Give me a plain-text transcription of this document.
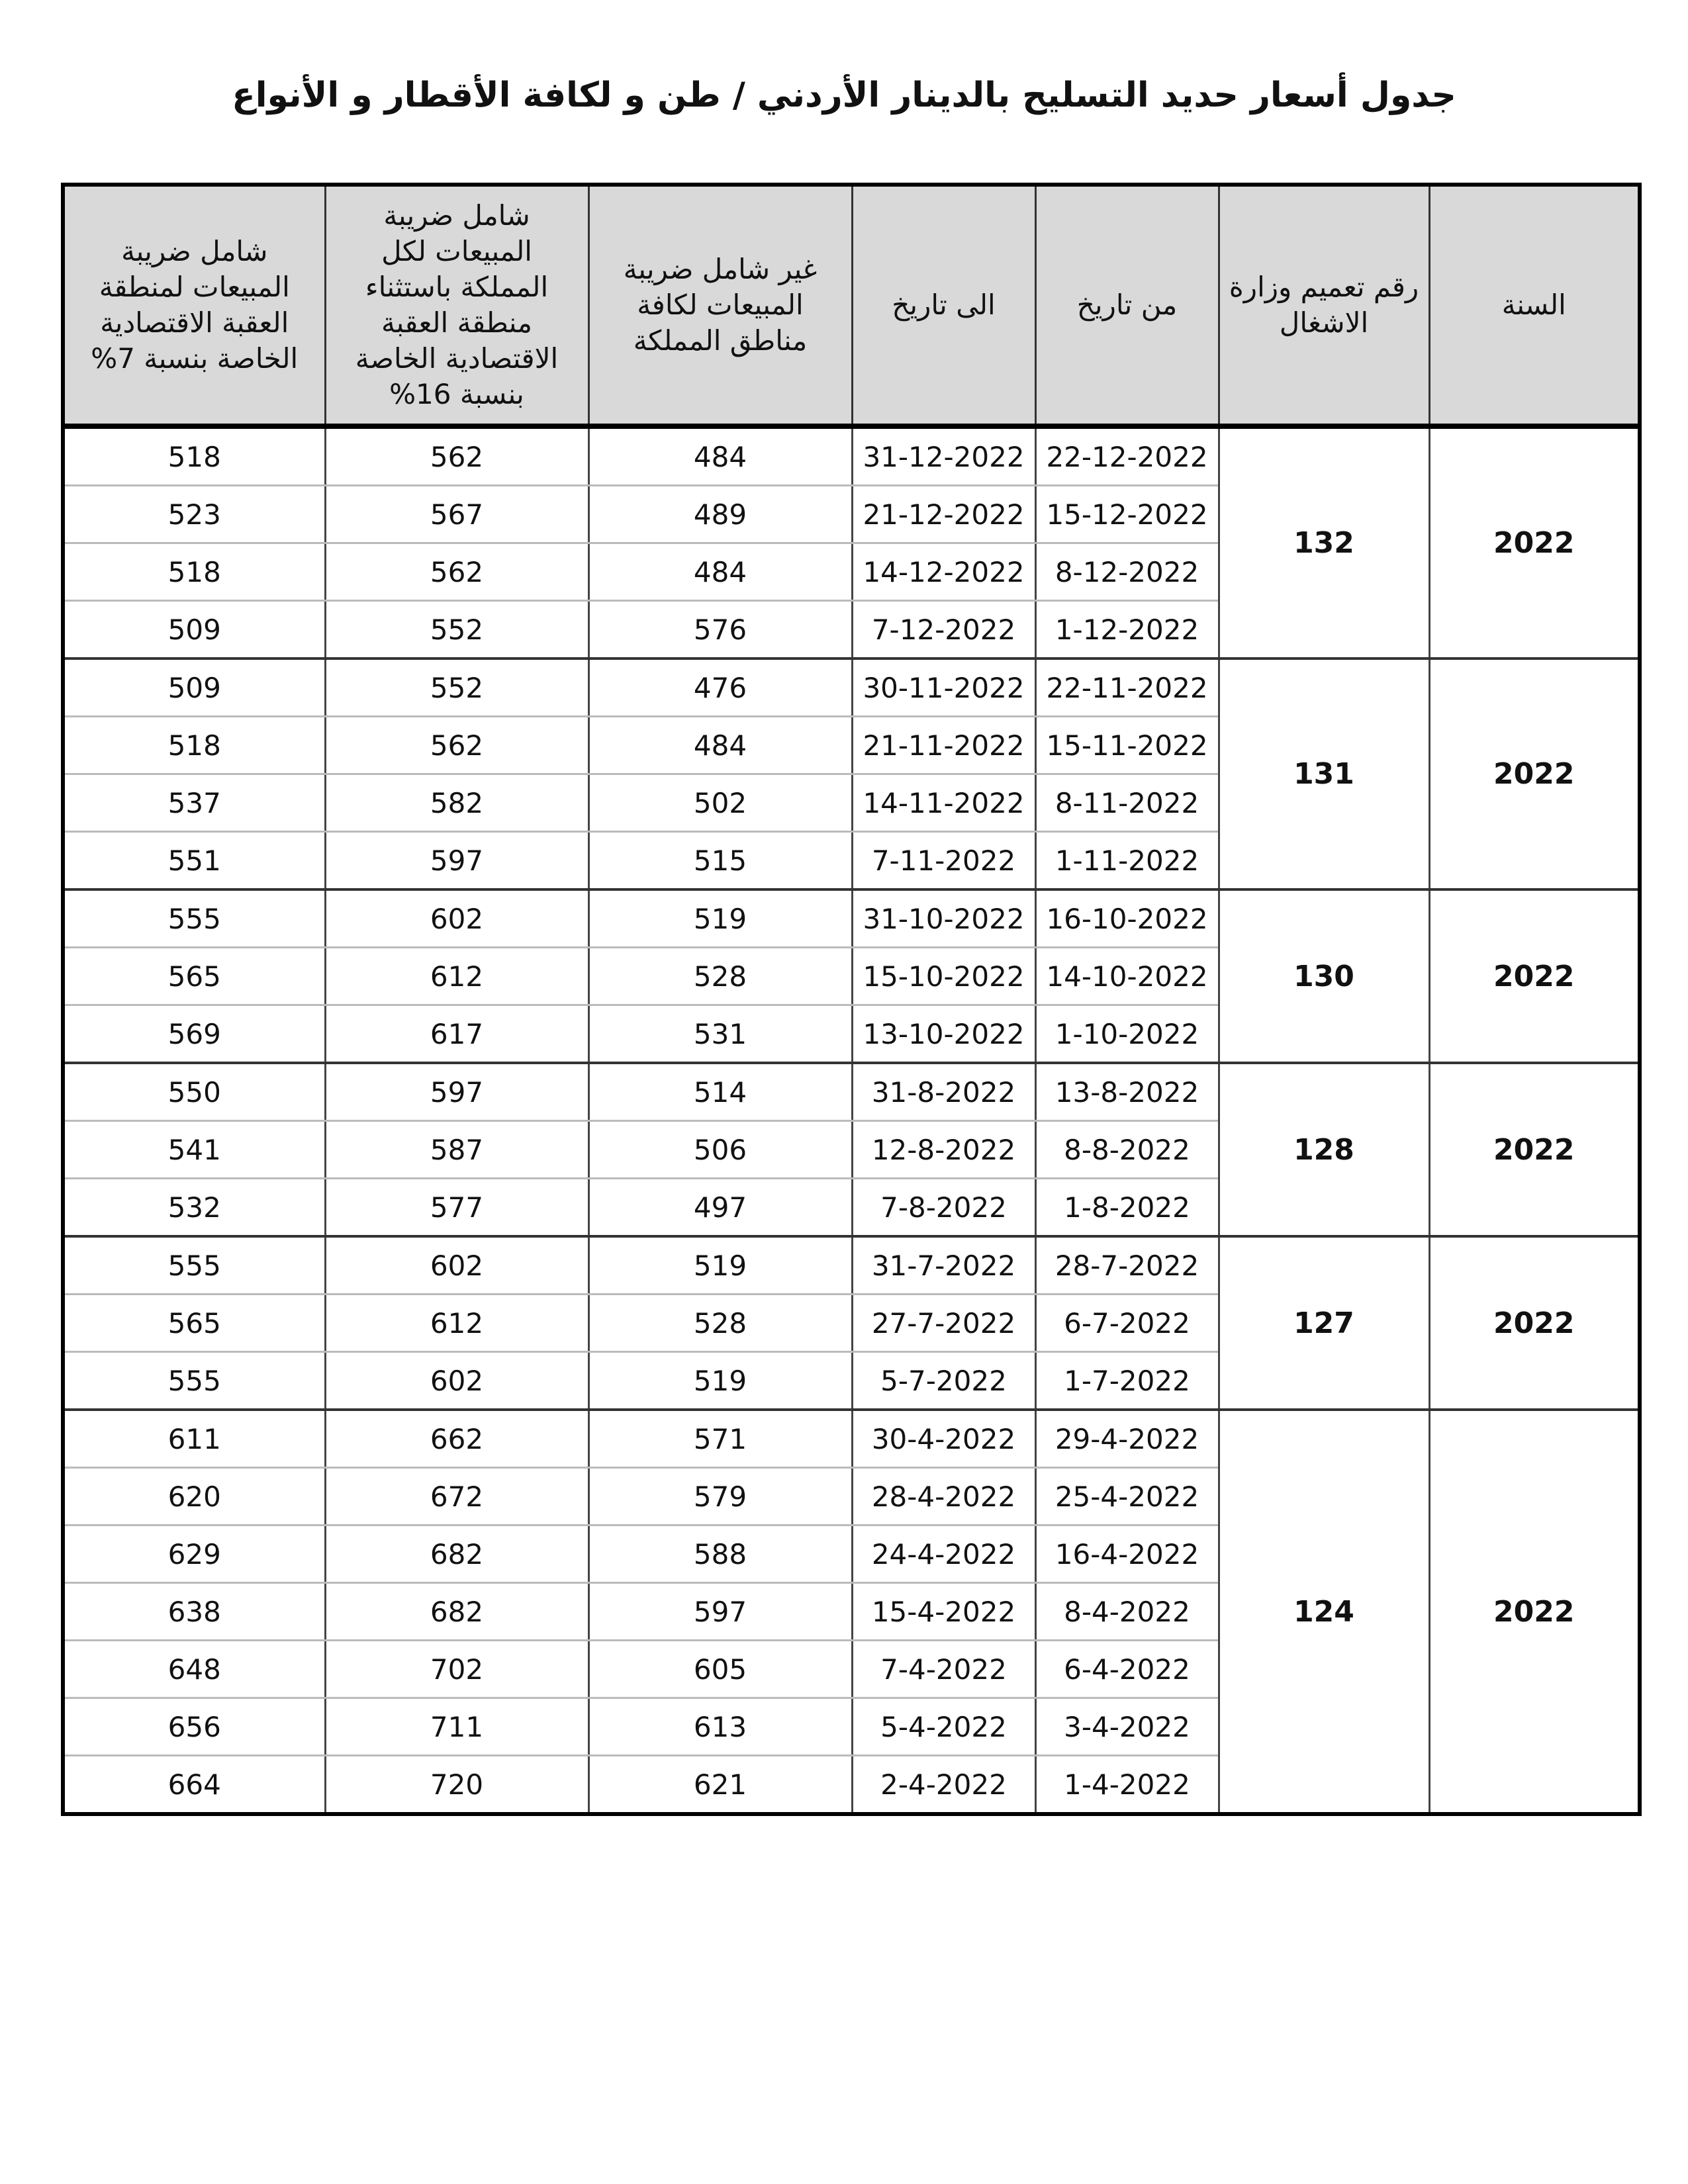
جدول أسعار حديد التسليح بالدينار الأردني / طن و لكافة الأقطار و الأنواع
السنة	رقم تعميم وزارة الاشغال	من تاريخ	الى تاريخ	غير شامل ضريبة المبيعات لكافة مناطق المملكة	شامل ضريبة المبيعات لكل المملكة باستثناء منطقة العقبة الاقتصادية الخاصة بنسبة 16%	شامل ضريبة المبيعات لمنطقة العقبة الاقتصادية الخاصة بنسبة 7%
2022	132	22-12-2022	31-12-2022	484	562	518
		15-12-2022	21-12-2022	489	567	523
		8-12-2022	14-12-2022	484	562	518
		1-12-2022	7-12-2022	576	552	509
2022	131	22-11-2022	30-11-2022	476	552	509
		15-11-2022	21-11-2022	484	562	518
		8-11-2022	14-11-2022	502	582	537
		1-11-2022	7-11-2022	515	597	551
2022	130	16-10-2022	31-10-2022	519	602	555
		14-10-2022	15-10-2022	528	612	565
		1-10-2022	13-10-2022	531	617	569
2022	128	13-8-2022	31-8-2022	514	597	550
		8-8-2022	12-8-2022	506	587	541
		1-8-2022	7-8-2022	497	577	532
2022	127	28-7-2022	31-7-2022	519	602	555
		6-7-2022	27-7-2022	528	612	565
		1-7-2022	5-7-2022	519	602	555
2022	124	29-4-2022	30-4-2022	571	662	611
		25-4-2022	28-4-2022	579	672	620
		16-4-2022	24-4-2022	588	682	629
		8-4-2022	15-4-2022	597	682	638
		6-4-2022	7-4-2022	605	702	648
		3-4-2022	5-4-2022	613	711	656
		1-4-2022	2-4-2022	621	720	664
